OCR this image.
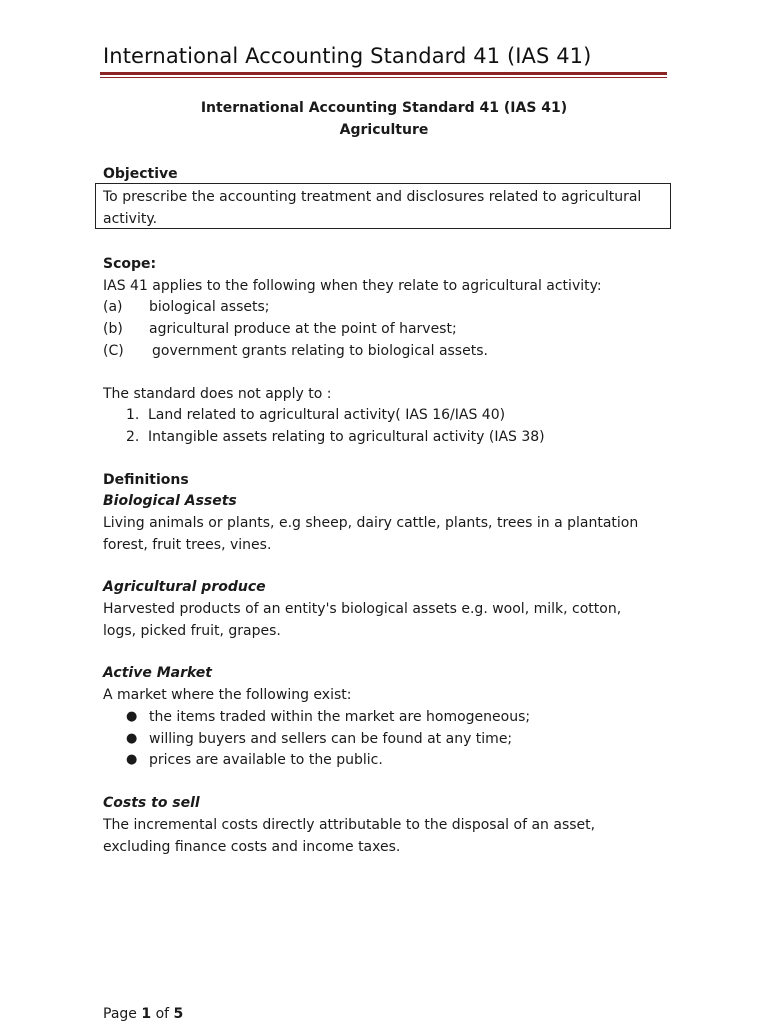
International Accounting Standard 41 (IAS 41)
International Accounting Standard 41 (IAS 41)
Agriculture
Objective
To prescribe the accounting treatment and disclosures related to agricultural
activity.
Scope:
IAS 41 applies to the following when they relate to agricultural activity:
(a) biological assets;
(b) agricultural produce at the point of harvest;
(C) government grants relating to biological assets.
The standard does not apply to :
1. Land related to agricultural activity( IAS 16/IAS 40)
2. Intangible assets relating to agricultural activity (IAS 38)
Definitions
Biological Assets
Living animals or plants, e.g sheep, dairy cattle, plants, trees in a plantation
forest, fruit trees, vines.
Agricultural produce
Harvested products of an entity's biological assets e.g. wool, milk, cotton,
logs, picked fruit, grapes.
Active Market
A market where the following exist:
● the items traded within the market are homogeneous;
● willing buyers and sellers can be found at any time;
● prices are available to the public.
Costs to sell
The incremental costs directly attributable to the disposal of an asset,
excluding finance costs and income taxes.
Page 1 of 5
